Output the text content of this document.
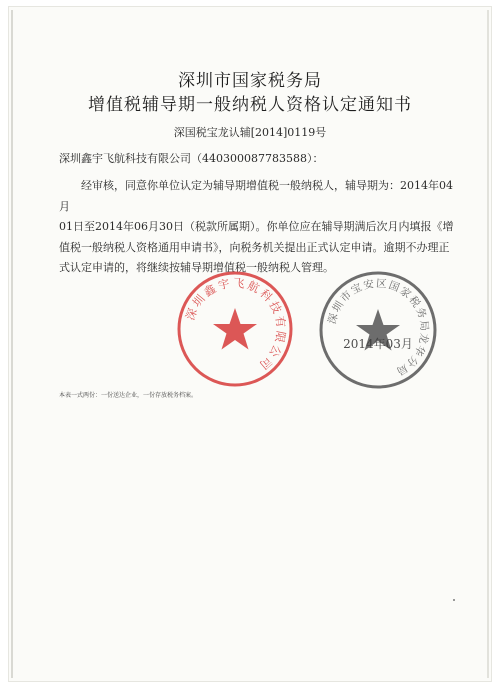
深圳市国家税务局
增值税辅导期一般纳税人资格认定通知书
深国税宝龙认辅[2014]0119号
深圳鑫宇飞航科技有限公司（440300087783588）：
经审核，同意你单位认定为辅导期增值税一般纳税人，辅导期为：2014年04月
01日至2014年06月30日（税款所属期）。你单位应在辅导期满后次月内填报《增值税一般纳税人资格通用申请书》，向税务机关提出正式认定申请。逾期不办理正式认定申请的，将继续按辅导期增值税一般纳税人管理。
深圳鑫宇飞航科技有限公司
深圳市宝安区国家税务局龙华分局
2014年03月
本表一式两份：一份送达企业，一份存放税务档案。
